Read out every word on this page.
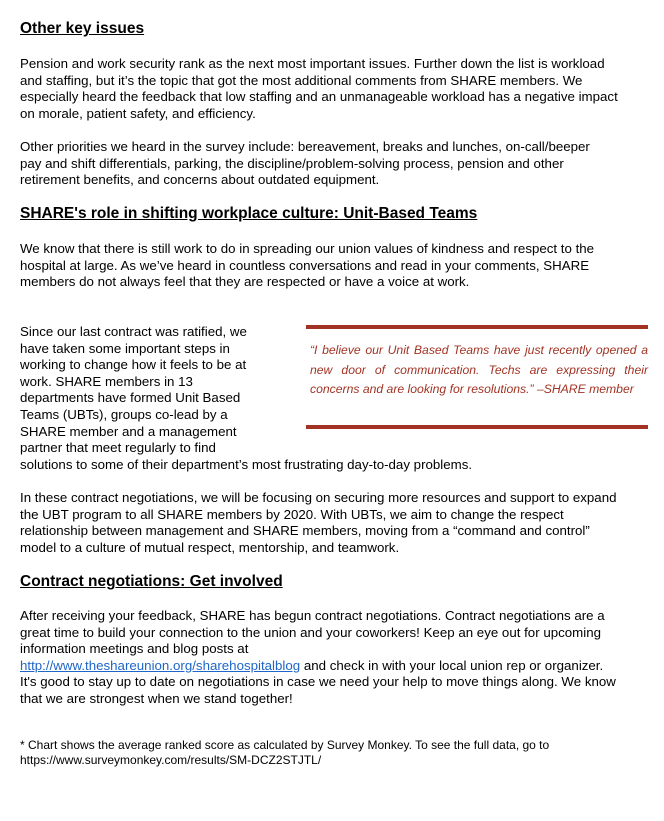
Other key issues

Pension and work security rank as the next most important issues. Further down the list is workload and staffing, but it’s the topic that got the most additional comments from SHARE members. We especially heard the feedback that low staffing and an unmanageable workload has a negative impact on morale, patient safety, and efficiency.

Other priorities we heard in the survey include: bereavement, breaks and lunches, on-call/beeper pay and shift differentials, parking, the discipline/problem-solving process, pension and other retirement benefits, and concerns about outdated equipment.

SHARE's role in shifting workplace culture: Unit-Based Teams

We know that there is still work to do in spreading our union values of kindness and respect to the hospital at large. As we’ve heard in countless conversations and read in your comments, SHARE members do not always feel that they are respected or have a voice at work.

Since our last contract was ratified, we

have taken some important steps in

working to change how it feels to be at

work. SHARE members in 13

departments have formed Unit Based

Teams (UBTs), groups co-lead by a

SHARE member and a management

partner that meet regularly to find

solutions to some of their department’s most frustrating day-to-day problems.

“I believe our Unit Based Teams have just recently opened a new door of communication. Techs are expressing their concerns and are looking for resolutions.” –SHARE member

In these contract negotiations, we will be focusing on securing more resources and support to expand the UBT program to all SHARE members by 2020. With UBTs, we aim to change the respect relationship between management and SHARE members, moving from a “command and control” model to a culture of mutual respect, mentorship, and teamwork.

Contract negotiations: Get involved

After receiving your feedback, SHARE has begun contract negotiations. Contract negotiations are a great time to build your connection to the union and your coworkers! Keep an eye out for upcoming information meetings and blog posts at
http://www.theshareunion.org/sharehospitalblog and check in with your local union rep or organizer. It's good to stay up to date on negotiations in case we need your help to move things along. We know that we are strongest when we stand together!

* Chart shows the average ranked score as calculated by Survey Monkey. To see the full data, go to https://www.surveymonkey.com/results/SM-DCZ2STJTL/
